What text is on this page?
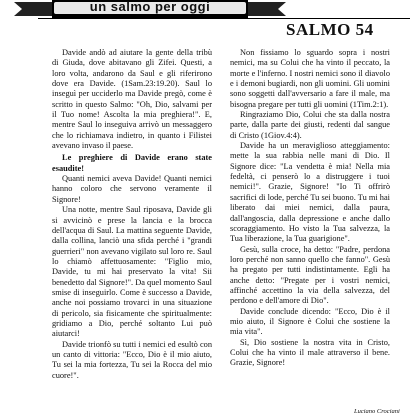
un salmo per oggi
SALMO 54

Davide andò ad aiutare la gente della tribù di Giuda, dove abitavano gli Zifei. Questi, a loro volta, andarono da Saul e gli riferirono dove era Davide. (1Sam.23:19.20). Saul lo inseguì per ucciderlo ma Davide pregò, come è scritto in questo Salmo: "Oh, Dio, salvami per il Tuo nome! Ascolta la mia preghiera!". E, mentre Saul lo inseguiva arrivò un messaggero che lo richiamava indietro, in quanto i Filistei avevano invaso il paese.

Le preghiere di Davide erano state esaudite!

Quanti nemici aveva Davide! Quanti nemici hanno coloro che servono veramente il Signore!

Una notte, mentre Saul riposava, Davide gli si avvicinò e prese la lancia e la brocca dell'acqua di Saul. La mattina seguente Davide, dalla collina, lanciò una sfida perché i "grandi guerrieri" non avevano vigilato sul loro re. Saul lo chiamò affettuosamente: "Figlio mio, Davide, tu mi hai preservato la vita! Sii benedetto dal Signore!". Da quel momento Saul smise di inseguirlo. Come è successo a Davide, anche noi possiamo trovarci in una situazione di pericolo, sia fisicamente che spiritualmente: gridiamo a Dio, perché soltanto Lui può aiutarci!

Davide trionfò su tutti i nemici ed esultò con un canto di vittoria: "Ecco, Dio è il mio aiuto, Tu sei la mia fortezza, Tu sei la Rocca del mio cuore!".

Non fissiamo lo sguardo sopra i nostri nemici, ma su Colui che ha vinto il peccato, la morte e l'inferno. I nostri nemici sono il diavolo e i demoni bugiardi, non gli uomini. Gli uomini sono soggetti dall'avversario a fare il male, ma bisogna pregare per tutti gli uomini (1Tim.2:1).

Ringraziamo Dio, Colui che sta dalla nostra parte, dalla parte dei giusti, redenti dal sangue di Cristo (1Giov.4:4).

Davide ha un meraviglioso atteggiamento: mette la sua rabbia nelle mani di Dio. Il Signore dice: "La vendetta è mia! Nella mia fedeltà, ci penserò lo a distruggere i tuoi nemici!". Grazie, Signore! "Io Ti offrirò sacrifici di lode, perché Tu sei buono. Tu mi hai liberato dai miei nemici, dalla paura, dall'angoscia, dalla depressione e anche dallo scoraggiamento. Ho visto la Tua salvezza, la Tua liberazione, la Tua guarigione".

Gesù, sulla croce, ha detto: "Padre, perdona loro perché non sanno quello che fanno". Gesù ha pregato per tutti indistintamente. Egli ha anche detto: "Pregate per i vostri nemici, affinché accettino la via della salvezza, del perdono e dell'amore di Dio".

Davide conclude dicendo: "Ecco, Dio è il mio aiuto, il Signore è Colui che sostiene la mia vita".

Sì, Dio sostiene la nostra vita in Cristo, Colui che ha vinto il male attraverso il bene. Grazie, Signore!

Luciano Crociani
